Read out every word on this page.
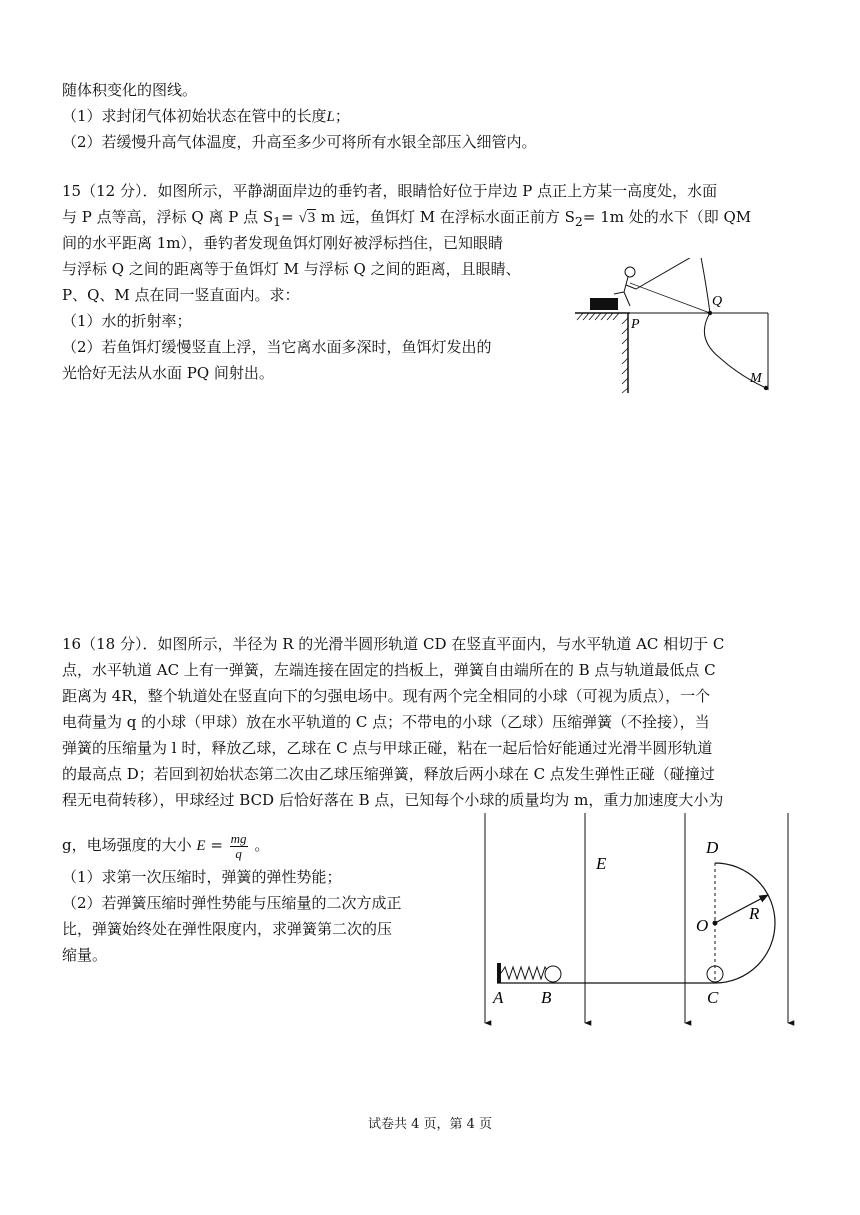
随体积变化的图线。
（1）求封闭气体初始状态在管中的长度L；
（2）若缓慢升高气体温度，升高至多少可将所有水银全部压入细管内。
15（12 分）．如图所示，平静湖面岸边的垂钓者，眼睛恰好位于岸边 P 点正上方某一高度处，水面
与 P 点等高，浮标 Q 离 P 点 $S_1= √3$ m 远，鱼饵灯 M 在浮标水面正前方 $S_2= 1m$ 处的水下（即 QM
间的水平距离 1m），垂钓者发现鱼饵灯刚好被浮标挡住，已知眼睛
与浮标 Q 之间的距离等于鱼饵灯 M 与浮标 Q 之间的距离，且眼睛、
P、Q、M 点在同一竖直面内。求：
（1）水的折射率；
（2）若鱼饵灯缓慢竖直上浮，当它离水面多深时，鱼饵灯发出的
光恰好无法从水面 PQ 间射出。
P
Q
M
16（18 分）．如图所示，半径为 R 的光滑半圆形轨道 CD 在竖直平面内，与水平轨道 AC 相切于 C
点，水平轨道 AC 上有一弹簧，左端连接在固定的挡板上，弹簧自由端所在的 B 点与轨道最低点 C
距离为 4R，整个轨道处在竖直向下的匀强电场中。现有两个完全相同的小球（可视为质点），一个
电荷量为 q 的小球（甲球）放在水平轨道的 C 点；不带电的小球（乙球）压缩弹簧（不拴接），当
弹簧的压缩量为 l 时，释放乙球，乙球在 C 点与甲球正碰，粘在一起后恰好能通过光滑半圆形轨道
的最高点 D；若回到初始状态第二次由乙球压缩弹簧，释放后两小球在 C 点发生弹性正碰（碰撞过
程无电荷转移），甲球经过 BCD 后恰好落在 B 点，已知每个小球的质量均为 m，重力加速度大小为
g，电场强度的大小 $E = \frac{mg}{q}$ 。
（1）求第一次压缩时，弹簧的弹性势能；
（2）若弹簧压缩时弹性势能与压缩量的二次方成正
比，弹簧始终处在弹性限度内，求弹簧第二次的压
缩量。
E
D
O
R
A B	C
试卷共 4 页，第 4 页
